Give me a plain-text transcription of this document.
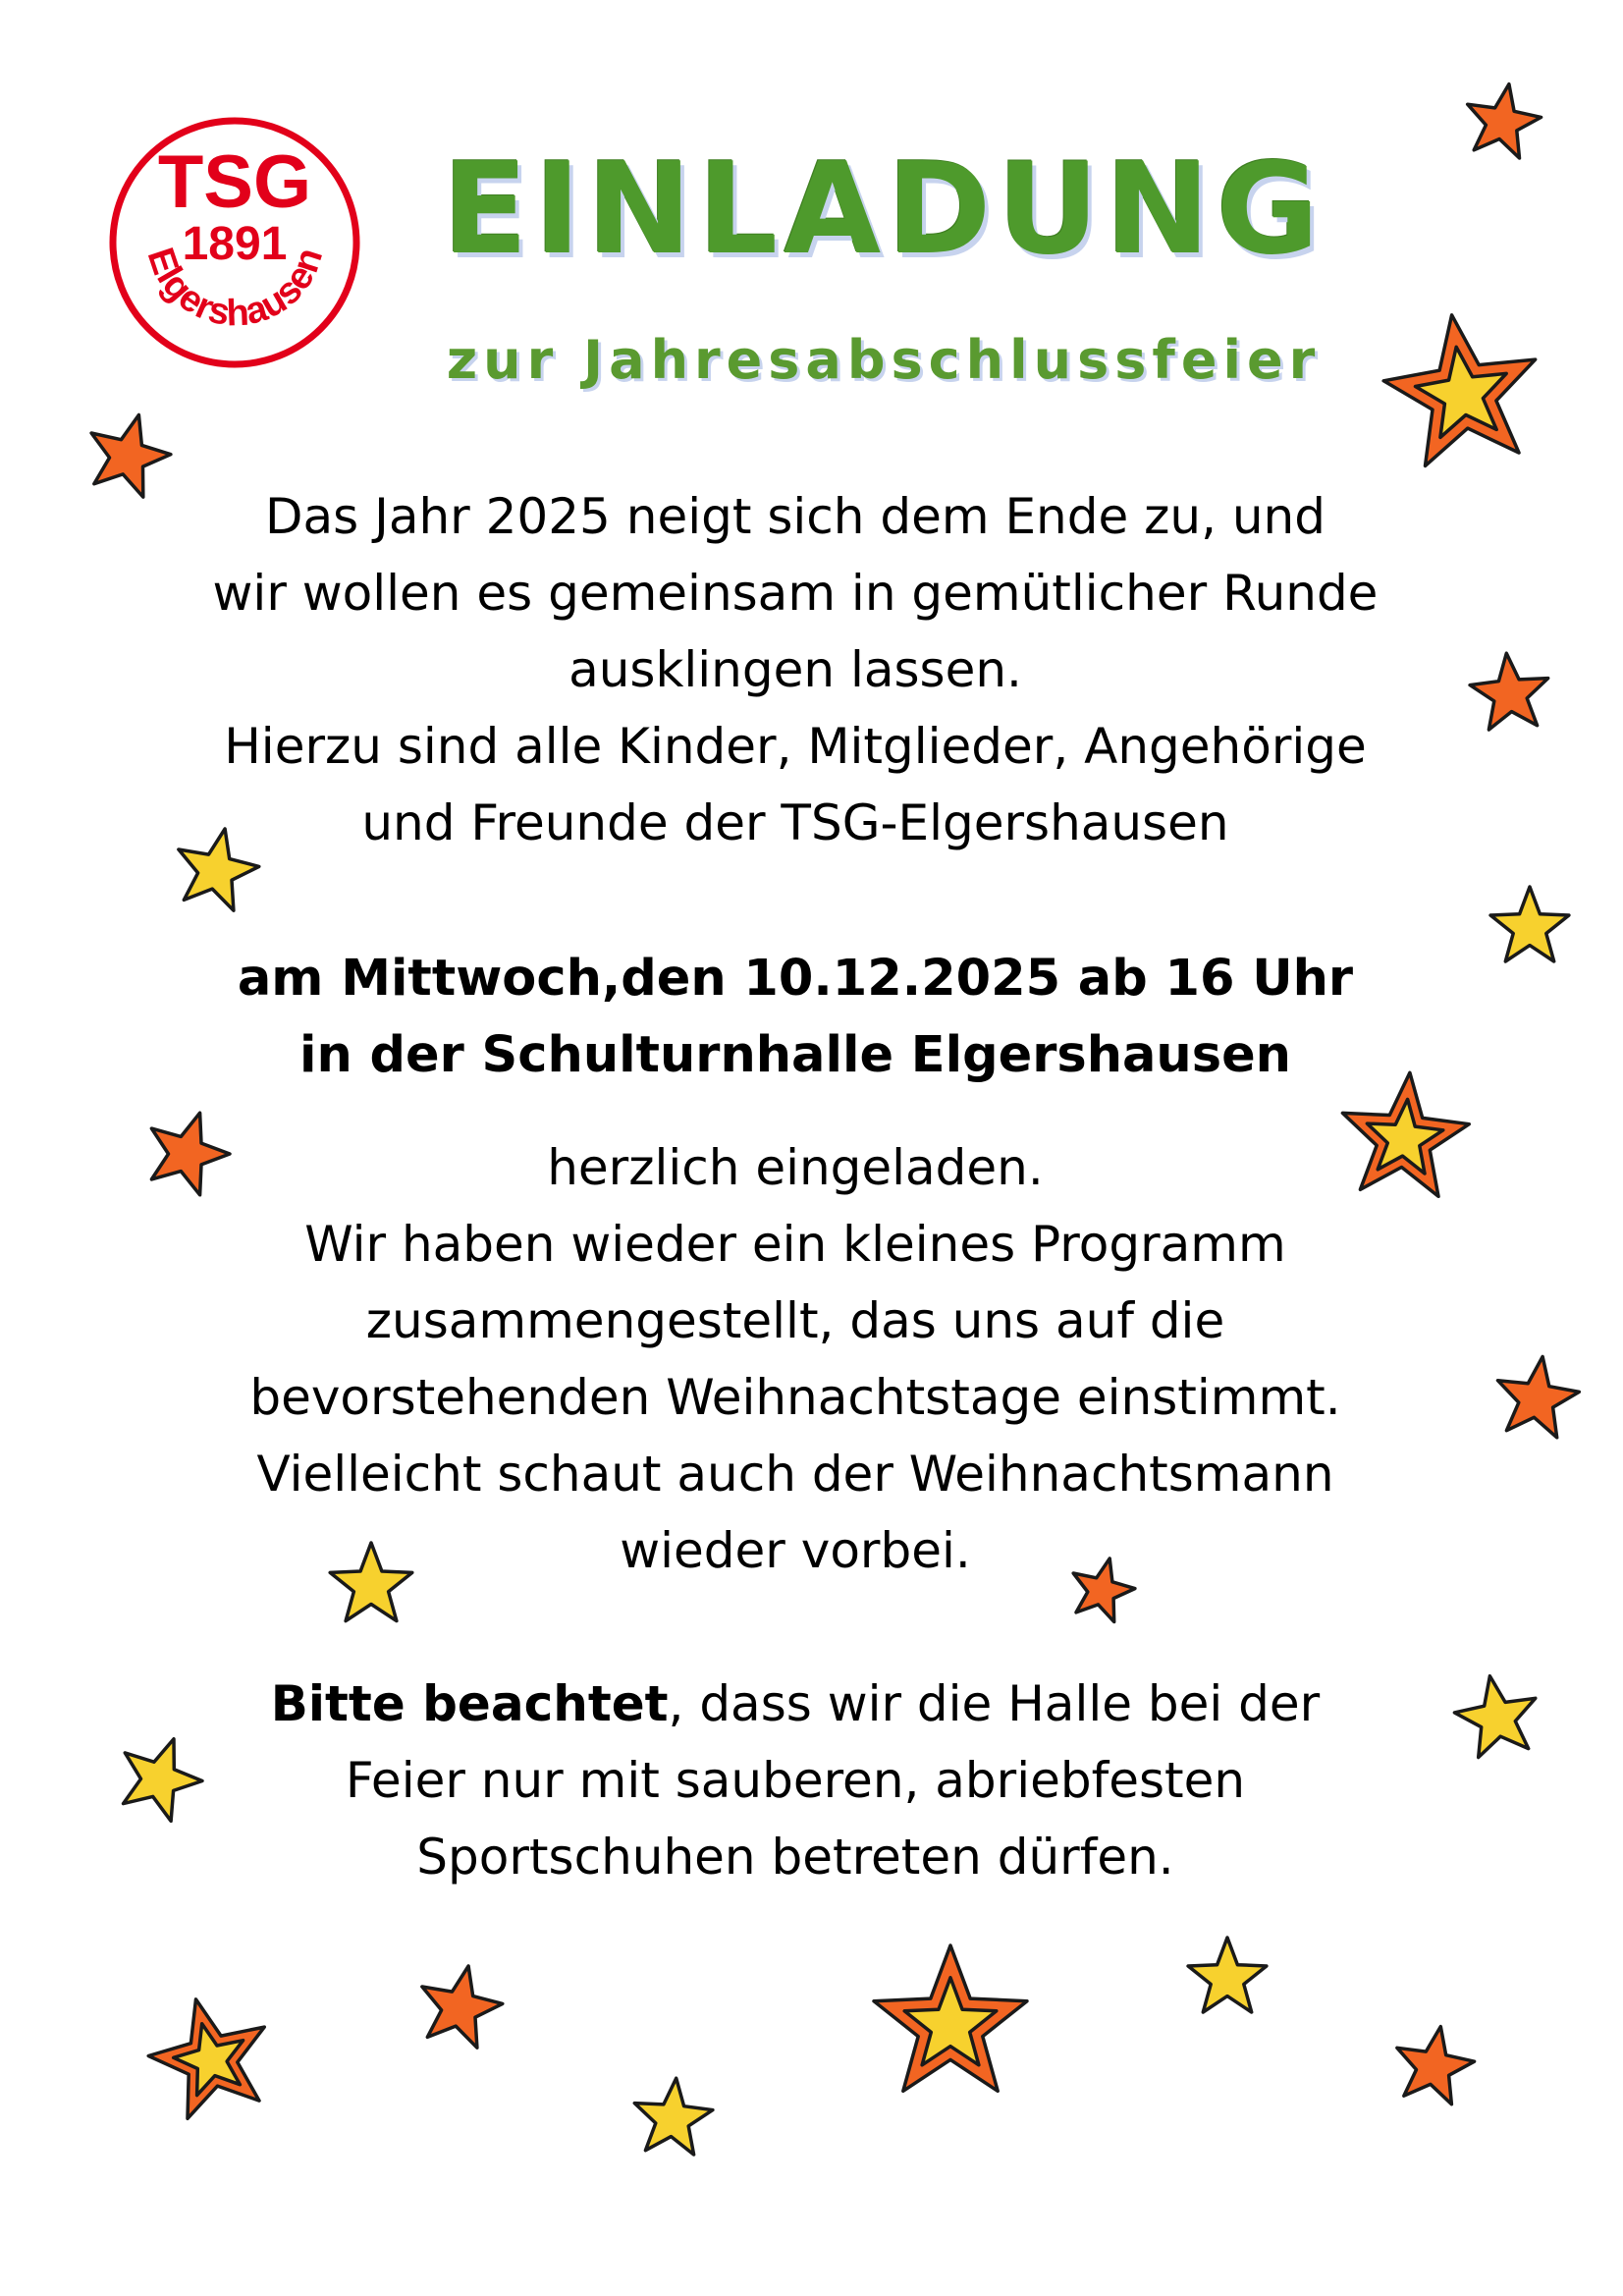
TSG
1891
Elgershausen EINLADUNG
zur Jahresabschlussfeier
Das Jahr 2025 neigt sich dem Ende zu, und
wir wollen es gemeinsam in gemütlicher Runde
ausklingen lassen.
Hierzu sind alle Kinder, Mitglieder, Angehörige
und Freunde der TSG-Elgershausen
am Mittwoch,den 10.12.2025 ab 16 Uhr
in der Schulturnhalle Elgershausen
herzlich eingeladen.
Wir haben wieder ein kleines Programm
zusammengestellt, das uns auf die
bevorstehenden Weihnachtstage einstimmt.
Vielleicht schaut auch der Weihnachtsmann
wieder vorbei.
Bitte beachtet, dass wir die Halle bei der
Feier nur mit sauberen, abriebfesten
Sportschuhen betreten dürfen.
